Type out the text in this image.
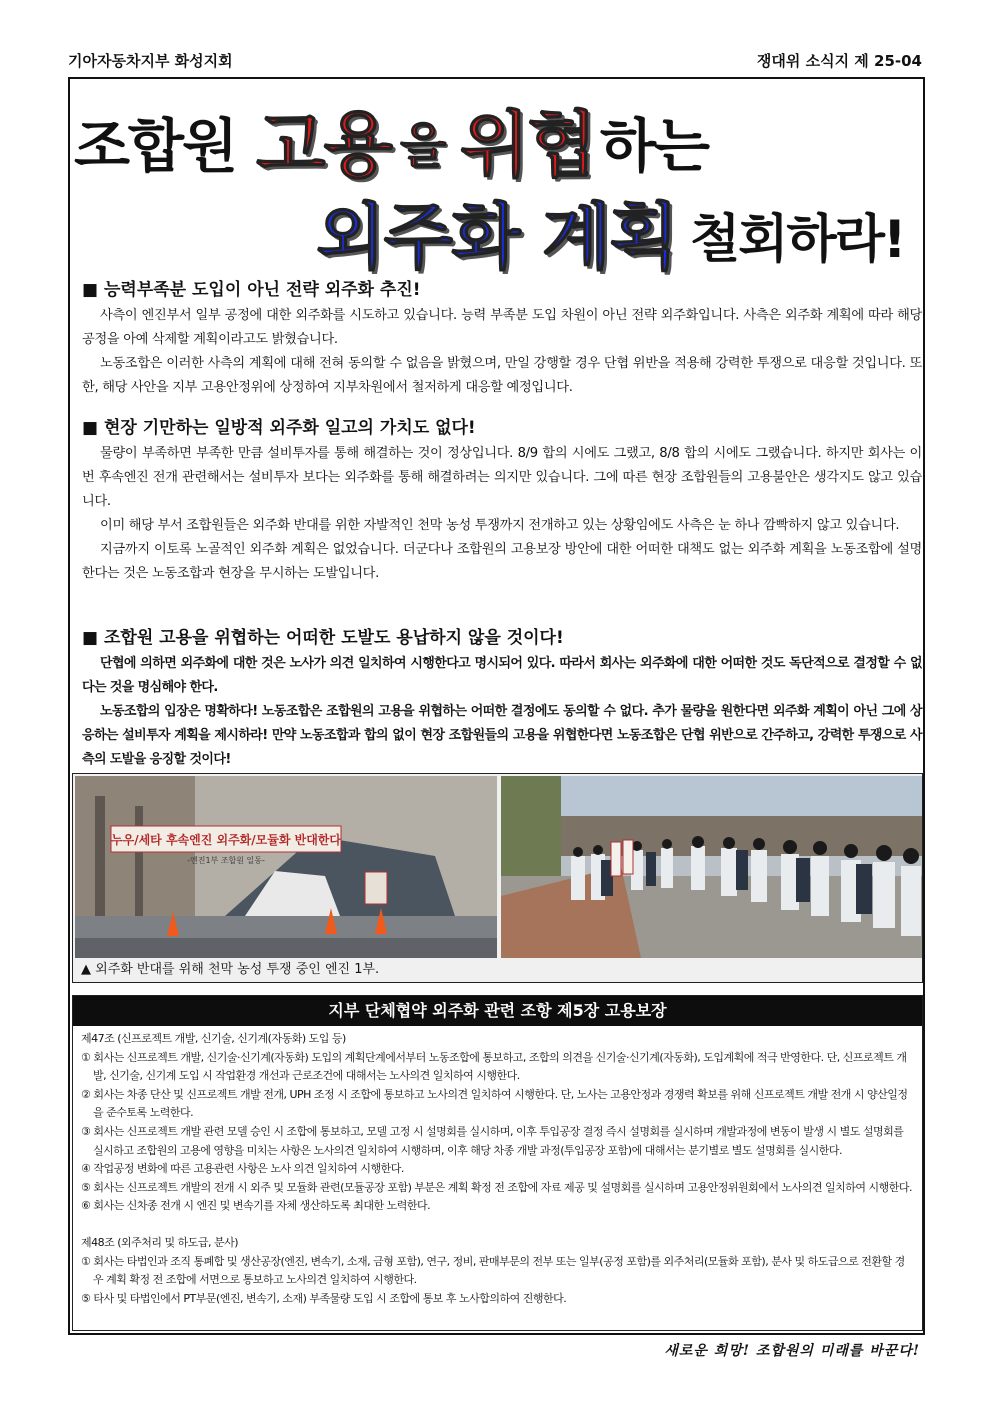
기아자동차지부 화성지회	쟁대위 소식지 제 25-04
조합원 고용 을 위협 하는
외주화 계획 철회하라!
■ 능력부족분 도입이 아닌 전략 외주화 추진!

사측이 엔진부서 일부 공정에 대한 외주화를 시도하고 있습니다. 능력 부족분 도입 차원이 아닌 전략 외주화입니다. 사측은 외주화 계획에 따라 해당 공정을 아예 삭제할 계획이라고도 밝혔습니다.

노동조합은 이러한 사측의 계획에 대해 전혀 동의할 수 없음을 밝혔으며, 만일 강행할 경우 단협 위반을 적용해 강력한 투쟁으로 대응할 것입니다. 또한, 해당 사안을 지부 고용안정위에 상정하여 지부차원에서 철저하게 대응할 예정입니다.

■ 현장 기만하는 일방적 외주화 일고의 가치도 없다!

물량이 부족하면 부족한 만큼 설비투자를 통해 해결하는 것이 정상입니다. 8/9 합의 시에도 그랬고, 8/8 합의 시에도 그랬습니다. 하지만 회사는 이번 후속엔진 전개 관련해서는 설비투자 보다는 외주화를 통해 해결하려는 의지만 있습니다. 그에 따른 현장 조합원들의 고용불안은 생각지도 않고 있습니다.

이미 해당 부서 조합원들은 외주화 반대를 위한 자발적인 천막 농성 투쟁까지 전개하고 있는 상황임에도 사측은 눈 하나 깜빡하지 않고 있습니다.

지금까지 이토록 노골적인 외주화 계획은 없었습니다. 더군다나 조합원의 고용보장 방안에 대한 어떠한 대책도 없는 외주화 계획을 노동조합에 설명한다는 것은 노동조합과 현장을 무시하는 도발입니다.

■ 조합원 고용을 위협하는 어떠한 도발도 용납하지 않을 것이다!

단협에 의하면 외주화에 대한 것은 노사가 의견 일치하여 시행한다고 명시되어 있다. 따라서 회사는 외주화에 대한 어떠한 것도 독단적으로 결정할 수 없다는 것을 명심해야 한다.

노동조합의 입장은 명확하다! 노동조합은 조합원의 고용을 위협하는 어떠한 결정에도 동의할 수 없다. 추가 물량을 원한다면 외주화 계획이 아닌 그에 상응하는 설비투자 계획을 제시하라! 만약 노동조합과 합의 없이 현장 조합원들의 고용을 위협한다면 노동조합은 단협 위반으로 간주하고, 강력한 투쟁으로 사측의 도발을 응징할 것이다!

누우/세타 후속엔진 외주화/모듈화 반대한다
-엔진1부 조합원 일동-
▲ 외주화 반대를 위해 천막 농성 투쟁 중인 엔진 1부.
지부 단체협약 외주화 관련 조항 제5장 고용보장
제47조 (신프로젝트 개발, 신기술, 신기계(자동화) 도입 등)
① 회사는 신프로젝트 개발, 신기술·신기계(자동화) 도입의 계획단계에서부터 노동조합에 통보하고, 조합의 의견을 신기술·신기계(자동화), 도입계획에 적극 반영한다. 단, 신프로젝트 개발, 신기술, 신기계 도입 시 작업환경 개선과 근로조건에 대해서는 노사의견 일치하여 시행한다.
② 회사는 차종 단산 및 신프로젝트 개발 전개, UPH 조정 시 조합에 통보하고 노사의견 일치하여 시행한다. 단, 노사는 고용안정과 경쟁력 확보를 위해 신프로젝트 개발 전개 시 양산일정을 준수토록 노력한다.
③ 회사는 신프로젝트 개발 관련 모델 승인 시 조합에 통보하고, 모델 고정 시 설명회를 실시하며, 이후 투입공장 결정 즉시 설명회를 실시하며 개발과정에 변동이 발생 시 별도 설명회를 실시하고 조합원의 고용에 영향을 미치는 사항은 노사의견 일치하여 시행하며, 이후 해당 차종 개발 과정(투입공장 포함)에 대해서는 분기별로 별도 설명회를 실시한다.
④ 작업공정 변화에 따른 고용관련 사항은 노사 의견 일치하여 시행한다.
⑤ 회사는 신프로젝트 개발의 전개 시 외주 및 모듈화 관련(모듈공장 포함) 부분은 계획 확정 전 조합에 자료 제공 및 설명회를 실시하며 고용안정위원회에서 노사의견 일치하여 시행한다.
⑥ 회사는 신차종 전개 시 엔진 및 변속기를 자체 생산하도록 최대한 노력한다.
제48조 (외주처리 및 하도급, 분사)
① 회사는 타법인과 조직 통폐합 및 생산공장(엔진, 변속기, 소재, 금형 포함), 연구, 정비, 판매부문의 전부 또는 일부(공정 포함)를 외주처리(모듈화 포함), 분사 및 하도급으로 전환할 경우 계획 확정 전 조합에 서면으로 통보하고 노사의견 일치하여 시행한다.
⑤ 타사 및 타법인에서 PT부문(엔진, 변속기, 소재) 부족물량 도입 시 조합에 통보 후 노사합의하여 진행한다.
새로운 희망! 조합원의 미래를 바꾼다!
